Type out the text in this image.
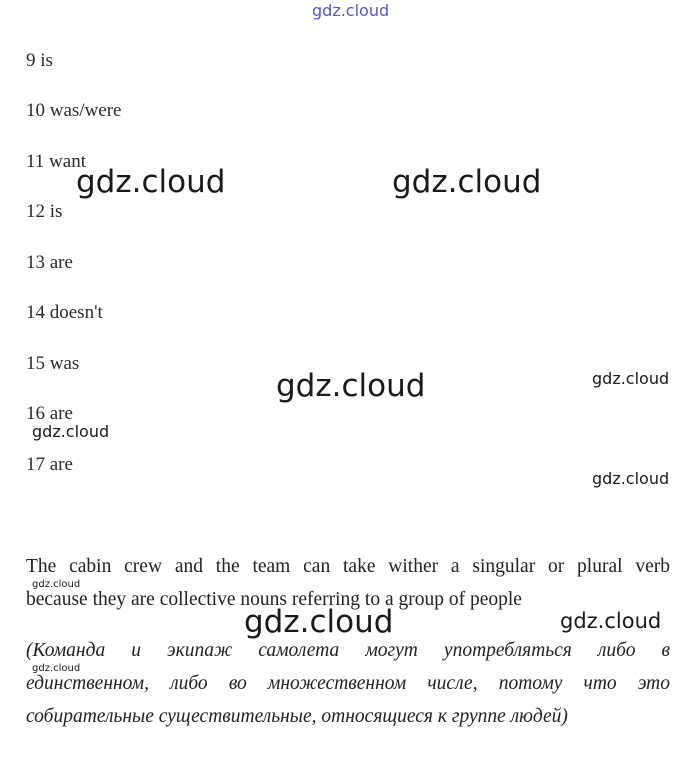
gdz.cloud
9 is
10 was/were
11 want
12 is
13 are
14 doesn't
15 was
16 are
17 are
The cabin crew and the team can take wither a singular or plural verb
because they are collective nouns referring to a group of people
(Команда и экипаж самолета могут употребляться либо в
единственном, либо во множественном числе, потому что это
собирательные существительные, относящиеся к группе людей)
gdz.cloud	gdz.cloud
gdz.cloud	gdz.cloud
gdz.cloud
gdz.cloud
gdz.cloud
gdz.cloud	gdz.cloud
gdz.cloud
